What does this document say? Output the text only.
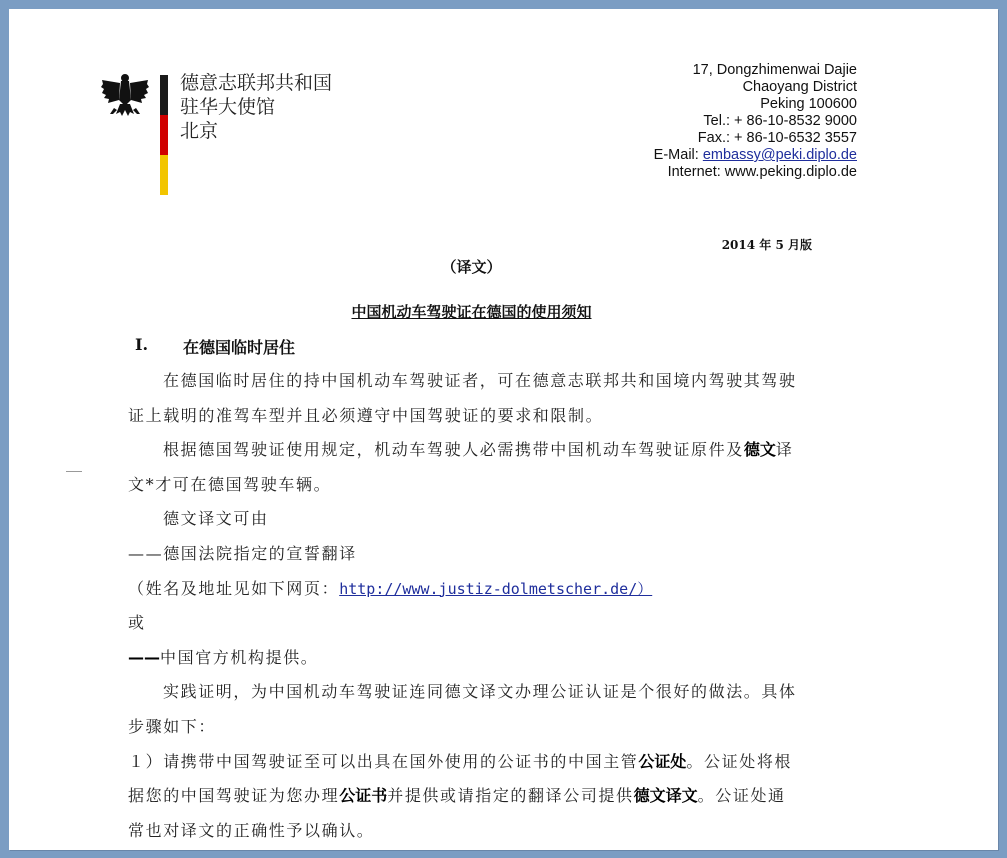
德意志联邦共和国
驻华大使馆
北京
17, Dongzhimenwai Dajie
Chaoyang District
Peking 100600
Tel.: + 86-10-8532 9000
Fax.: + 86-10-6532 3557
E-Mail: embassy@peki.diplo.de
Internet: www.peking.diplo.de
2014 年 5 月版
（译文）
中国机动车驾驶证在德国的使用须知
I.	在德国临时居住
在德国临时居住的持中国机动车驾驶证者，可在德意志联邦共和国境内驾驶其驾驶
证上载明的准驾车型并且必须遵守中国驾驶证的要求和限制。
根据德国驾驶证使用规定，机动车驾驶人必需携带中国机动车驾驶证原件及德文译
文*才可在德国驾驶车辆。
德文译文可由
——德国法院指定的宣誓翻译
（姓名及地址见如下网页：http://www.justiz-dolmetscher.de/）
或
——中国官方机构提供。
实践证明，为中国机动车驾驶证连同德文译文办理公证认证是个很好的做法。具体
步骤如下：
１）请携带中国驾驶证至可以出具在国外使用的公证书的中国主管公证处。公证处将根
据您的中国驾驶证为您办理公证书并提供或请指定的翻译公司提供德文译文。公证处通
常也对译文的正确性予以确认。
